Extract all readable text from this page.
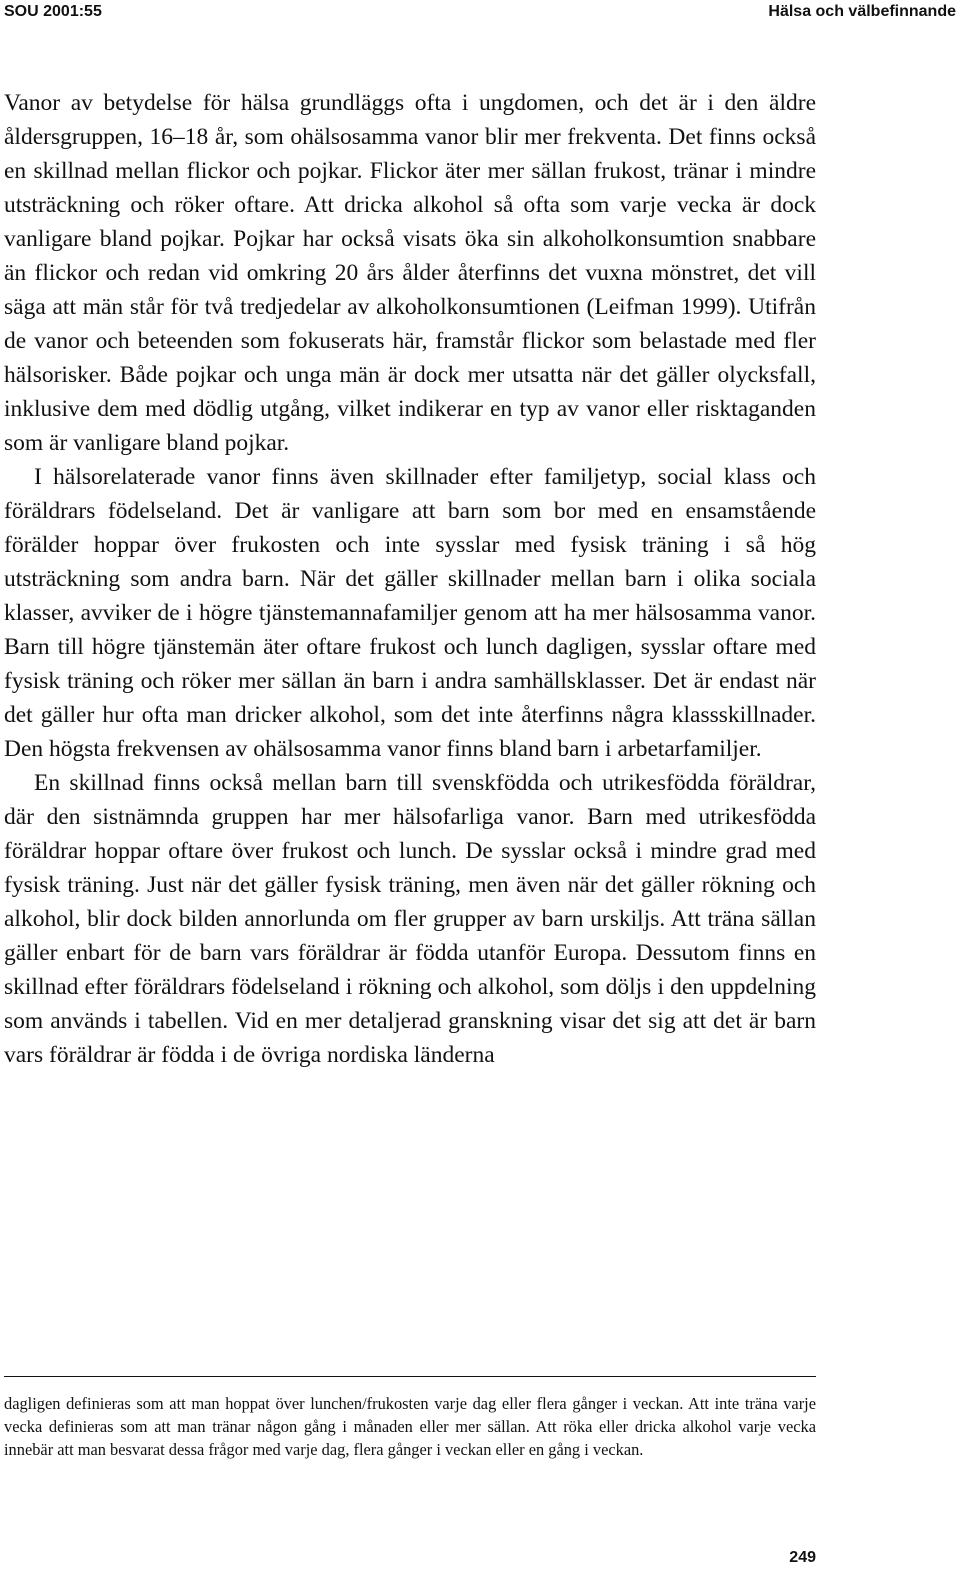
SOU 2001:55	Hälsa och välbefinnande

Vanor av betydelse för hälsa grundläggs ofta i ungdomen, och det är i den äldre åldersgruppen, 16–18 år, som ohälsosamma vanor blir mer frekventa. Det finns också en skillnad mellan flickor och pojkar. Flickor äter mer sällan frukost, tränar i mindre utsträckning och röker oftare. Att dricka alkohol så ofta som varje vecka är dock vanligare bland pojkar. Pojkar har också visats öka sin alkoholkonsumtion snabbare än flickor och redan vid omkring 20 års ålder återfinns det vuxna mönstret, det vill säga att män står för två tredjedelar av alkoholkonsumtionen (Leifman 1999). Utifrån de vanor och beteenden som fokuserats här, framstår flickor som belastade med fler hälsorisker. Både pojkar och unga män är dock mer utsatta när det gäller olycksfall, inklusive dem med dödlig utgång, vilket indikerar en typ av vanor eller risktaganden som är vanligare bland pojkar.

I hälsorelaterade vanor finns även skillnader efter familjetyp, social klass och föräldrars födelseland. Det är vanligare att barn som bor med en ensamstående förälder hoppar över frukosten och inte sysslar med fysisk träning i så hög utsträckning som andra barn. När det gäller skillnader mellan barn i olika sociala klasser, avviker de i högre tjänstemannafamiljer genom att ha mer hälsosamma vanor. Barn till högre tjänstemän äter oftare frukost och lunch dagligen, sysslar oftare med fysisk träning och röker mer sällan än barn i andra samhällsklasser. Det är endast när det gäller hur ofta man dricker alkohol, som det inte återfinns några klassskillnader. Den högsta frekvensen av ohälsosamma vanor finns bland barn i arbetarfamiljer.

En skillnad finns också mellan barn till svenskfödda och utrikesfödda föräldrar, där den sistnämnda gruppen har mer hälsofarliga vanor. Barn med utrikesfödda föräldrar hoppar oftare över frukost och lunch. De sysslar också i mindre grad med fysisk träning. Just när det gäller fysisk träning, men även när det gäller rökning och alkohol, blir dock bilden annorlunda om fler grupper av barn urskiljs. Att träna sällan gäller enbart för de barn vars föräldrar är födda utanför Europa. Dessutom finns en skillnad efter föräldrars födelseland i rökning och alkohol, som döljs i den uppdelning som används i tabellen. Vid en mer detaljerad granskning visar det sig att det är barn vars föräldrar är födda i de övriga nordiska länderna

dagligen definieras som att man hoppat över lunchen/frukosten varje dag eller flera gånger i veckan. Att inte träna varje vecka definieras som att man tränar någon gång i månaden eller mer sällan. Att röka eller dricka alkohol varje vecka innebär att man besvarat dessa frågor med varje dag, flera gånger i veckan eller en gång i veckan.

249
